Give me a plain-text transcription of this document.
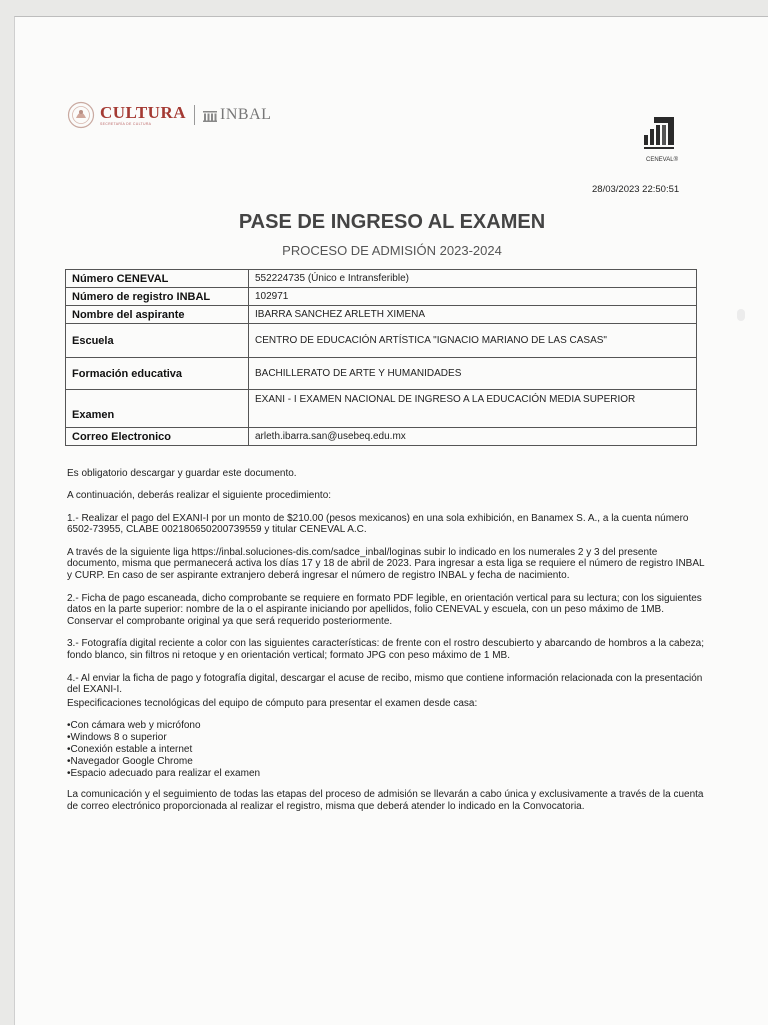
CULTURA
SECRETARÍA DE CULTURA
INBAL
CENEVAL®
28/03/2023 22:50:51
PASE DE INGRESO AL EXAMEN
PROCESO DE ADMISIÓN 2023-2024
Número CENEVAL	552224735 (Único e Intransferible)
Número de registro INBAL	102971
Nombre del aspirante	IBARRA SANCHEZ ARLETH XIMENA
Escuela	CENTRO DE EDUCACIÓN ARTÍSTICA "IGNACIO MARIANO DE LAS CASAS"
Formación educativa	BACHILLERATO DE ARTE Y HUMANIDADES
Examen	EXANI - I EXAMEN NACIONAL DE INGRESO A LA EDUCACIÓN MEDIA SUPERIOR
Correo Electronico	arleth.ibarra.san@usebeq.edu.mx

Es obligatorio descargar y guardar este documento.

A continuación, deberás realizar el siguiente procedimiento:

1.- Realizar el pago del EXANI-I por un monto de $210.00 (pesos mexicanos) en una sola exhibición, en Banamex S. A., a la cuenta número 6502-73955, CLABE 002180650200739559 y titular CENEVAL A.C.

A través de la siguiente liga https://inbal.soluciones-dis.com/sadce_inbal/loginas subir lo indicado en los numerales 2 y 3 del presente documento, misma que permanecerá activa los días 17 y 18 de abril de 2023. Para ingresar a esta liga se requiere el número de registro INBAL y CURP. En caso de ser aspirante extranjero deberá ingresar el número de registro INBAL y fecha de nacimiento.

2.- Ficha de pago escaneada, dicho comprobante se requiere en formato PDF legible, en orientación vertical para su lectura; con los siguientes datos en la parte superior: nombre de la o el aspirante iniciando por apellidos, folio CENEVAL y escuela, con un peso máximo de 1MB. Conservar el comprobante original ya que será requerido posteriormente.

3.- Fotografía digital reciente a color con las siguientes características: de frente con el rostro descubierto y abarcando de hombros a la cabeza; fondo blanco, sin filtros ni retoque y en orientación vertical; formato JPG con peso máximo de 1 MB.

4.- Al enviar la ficha de pago y fotografía digital, descargar el acuse de recibo, mismo que contiene información relacionada con la presentación del EXANI-I.

Especificaciones tecnológicas del equipo de cómputo para presentar el examen desde casa:

•Con cámara web y micrófono
•Windows 8 o superior
•Conexión estable a internet
•Navegador Google Chrome
•Espacio adecuado para realizar el examen

La comunicación y el seguimiento de todas las etapas del proceso de admisión se llevarán a cabo única y exclusivamente a través de la cuenta de correo electrónico proporcionada al realizar el registro, misma que deberá atender lo indicado en la Convocatoria.
